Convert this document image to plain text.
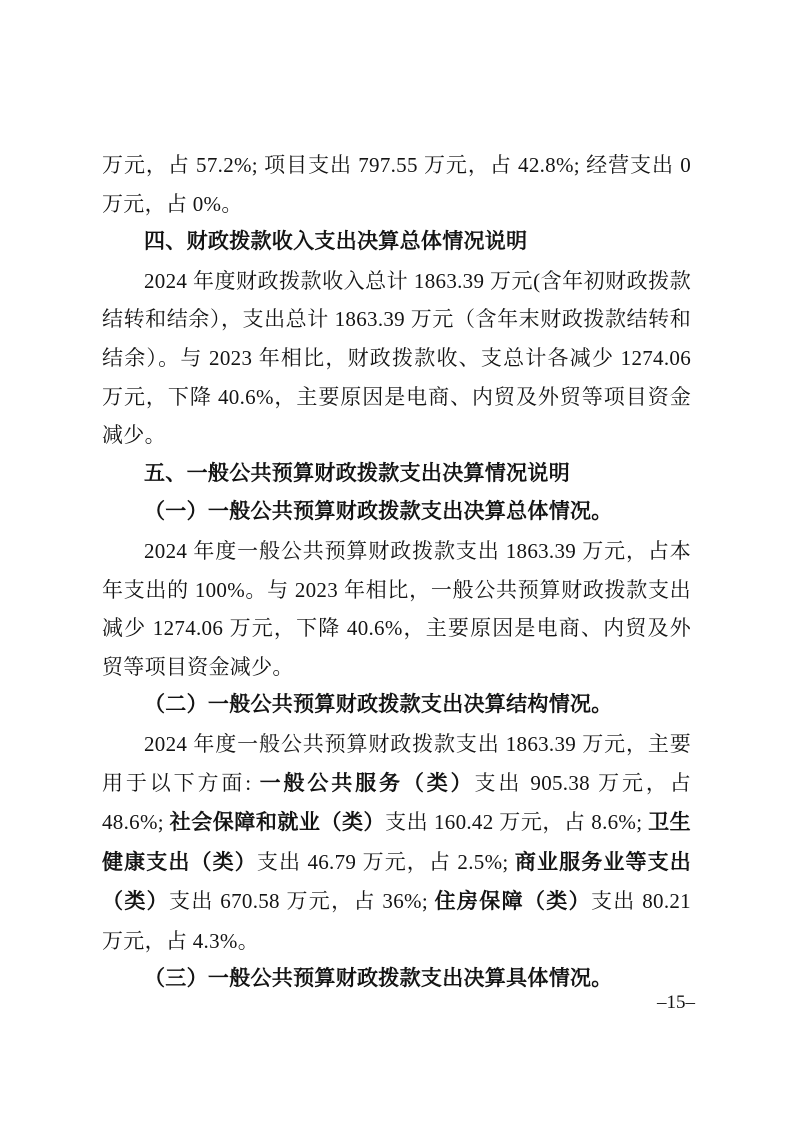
万元，占 57.2%; 项目支出 797.55 万元，占 42.8%; 经营支出 0 万元，占 0%。

四、财政拨款收入支出决算总体情况说明

2024 年度财政拨款收入总计 1863.39 万元(含年初财政拨款结转和结余），支出总计 1863.39 万元（含年末财政拨款结转和结余）。与 2023 年相比，财政拨款收、支总计各减少 1274.06 万元，下降 40.6%，主要原因是电商、内贸及外贸等项目资金减少。

五、一般公共预算财政拨款支出决算情况说明

（一）一般公共预算财政拨款支出决算总体情况。

2024 年度一般公共预算财政拨款支出 1863.39 万元，占本年支出的 100%。与 2023 年相比，一般公共预算财政拨款支出减少 1274.06 万元，下降 40.6%，主要原因是电商、内贸及外贸等项目资金减少。

（二）一般公共预算财政拨款支出决算结构情况。

2024 年度一般公共预算财政拨款支出 1863.39 万元，主要用于以下方面: 一般公共服务（类）支出 905.38 万元，占 48.6%; 社会保障和就业（类）支出 160.42 万元，占 8.6%; 卫生健康支出（类）支出 46.79 万元，占 2.5%; 商业服务业等支出（类）支出 670.58 万元，占 36%; 住房保障（类）支出 80.21 万元，占 4.3%。

（三）一般公共预算财政拨款支出决算具体情况。

–15–
